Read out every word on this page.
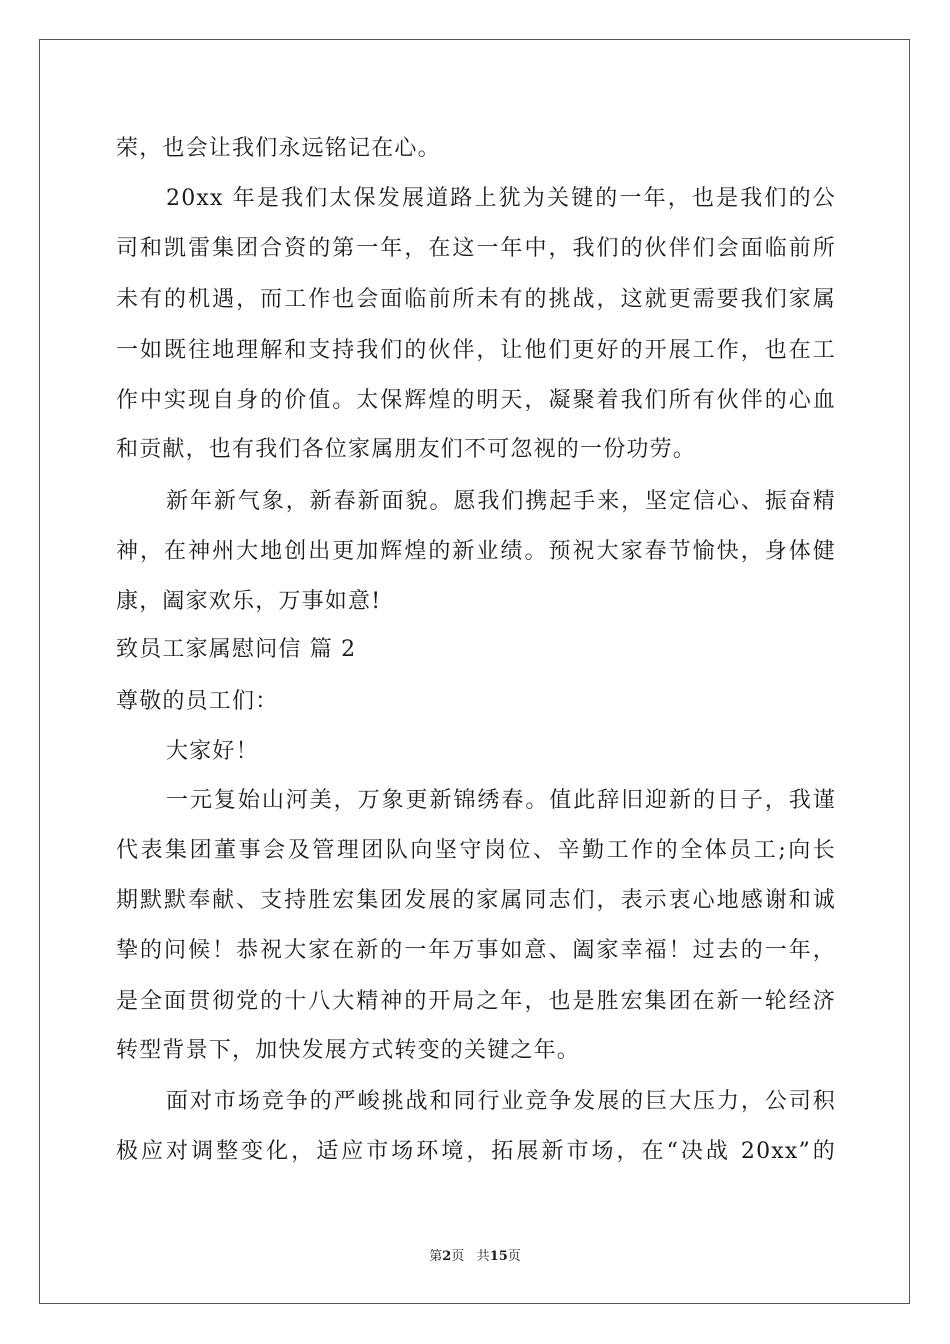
荣，也会让我们永远铭记在心。
20xx 年是我们太保发展道路上犹为关键的一年，也是我们的公
司和凯雷集团合资的第一年，在这一年中，我们的伙伴们会面临前所
未有的机遇，而工作也会面临前所未有的挑战，这就更需要我们家属
一如既往地理解和支持我们的伙伴，让他们更好的开展工作，也在工
作中实现自身的价值。太保辉煌的明天，凝聚着我们所有伙伴的心血
和贡献，也有我们各位家属朋友们不可忽视的一份功劳。
新年新气象，新春新面貌。愿我们携起手来，坚定信心、振奋精
神，在神州大地创出更加辉煌的新业绩。预祝大家春节愉快，身体健
康，阖家欢乐，万事如意!
致员工家属慰问信 篇 2
尊敬的员工们：
大家好！
一元复始山河美，万象更新锦绣春。值此辞旧迎新的日子，我谨
代表集团董事会及管理团队向坚守岗位、辛勤工作的全体员工;向长
期默默奉献、支持胜宏集团发展的家属同志们，表示衷心地感谢和诚
挚的问候！恭祝大家在新的一年万事如意、阖家幸福！过去的一年，
是全面贯彻党的十八大精神的开局之年，也是胜宏集团在新一轮经济
转型背景下，加快发展方式转变的关键之年。
面对市场竞争的严峻挑战和同行业竞争发展的巨大压力，公司积
极应对调整变化，适应市场环境，拓展新市场，在“决战 20xx”的
第2页 共15页
